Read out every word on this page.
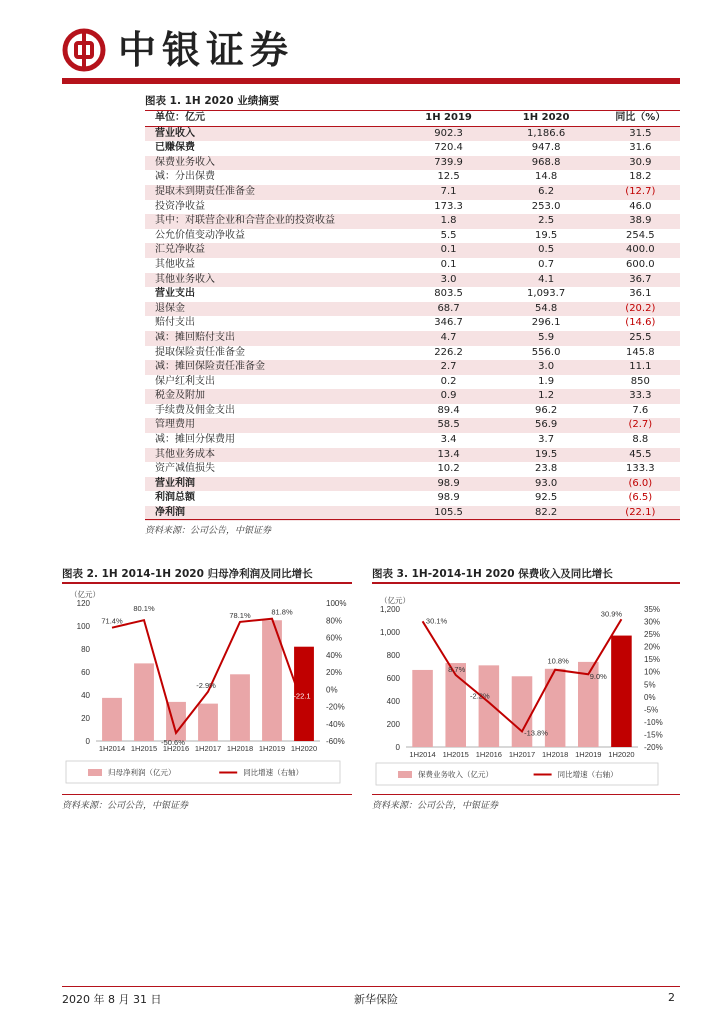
中银证券
图表 1. 1H 2020 业绩摘要
单位：亿元	1H 2019	1H 2020	同比（%）
营业收入	902.3	1,186.6	31.5
已赚保费	720.4	947.8	31.6
保费业务收入	739.9	968.8	30.9
减：分出保费	12.5	14.8	18.2
提取未到期责任准备金	7.1	6.2	(12.7)
投资净收益	173.3	253.0	46.0
其中：对联营企业和合营企业的投资收益	1.8	2.5	38.9
公允价值变动净收益	5.5	19.5	254.5
汇兑净收益	0.1	0.5	400.0
其他收益	0.1	0.7	600.0
其他业务收入	3.0	4.1	36.7
营业支出	803.5	1,093.7	36.1
退保金	68.7	54.8	(20.2)
赔付支出	346.7	296.1	(14.6)
减：摊回赔付支出	4.7	5.9	25.5
提取保险责任准备金	226.2	556.0	145.8
减：摊回保险责任准备金	2.7	3.0	11.1
保户红利支出	0.2	1.9	850
税金及附加	0.9	1.2	33.3
手续费及佣金支出	89.4	96.2	7.6
管理费用	58.5	56.9	(2.7)
减：摊回分保费用	3.4	3.7	8.8
其他业务成本	13.4	19.5	45.5
资产减值损失	10.2	23.8	133.3
营业利润	98.9	93.0	(6.0)
利润总额	98.9	92.5	(6.5)
净利润	105.5	82.2	(22.1)
资料来源：公司公告，中银证券
图表 2. 1H 2014-1H 2020 归母净利润及同比增长
（亿元）
0
20
40
60
80
100
120
-60%
-40%
-20%
0%
20%
40%
60%
80%
100%
1H2014 1H2015 1H2016 1H2017 1H2018 1H2019 1H2020
71.4%
80.1%
-50.6%
-2.9%
78.1%	81.8%
-22.1
归母净利润（亿元）	同比增速（右轴）
资料来源：公司公告，中银证券
图表 3. 1H-2014-1H 2020 保费收入及同比增长
（亿元）
0
200
400
600
800
1,000
1,200
-20%
-15%
-10%
-5%
0%
5%
10%
15%
20%
25%
30%
35%
1H2014 1H2015 1H2016 1H2017 1H2018 1H2019 1H2020
30.1%
8.7%
-2.2%
-13.8%
10.8%
9.0%
30.9%
保费业务收入（亿元）	同比增速（右轴）
资料来源：公司公告，中银证券
2020 年 8 月 31 日	新华保险	2
